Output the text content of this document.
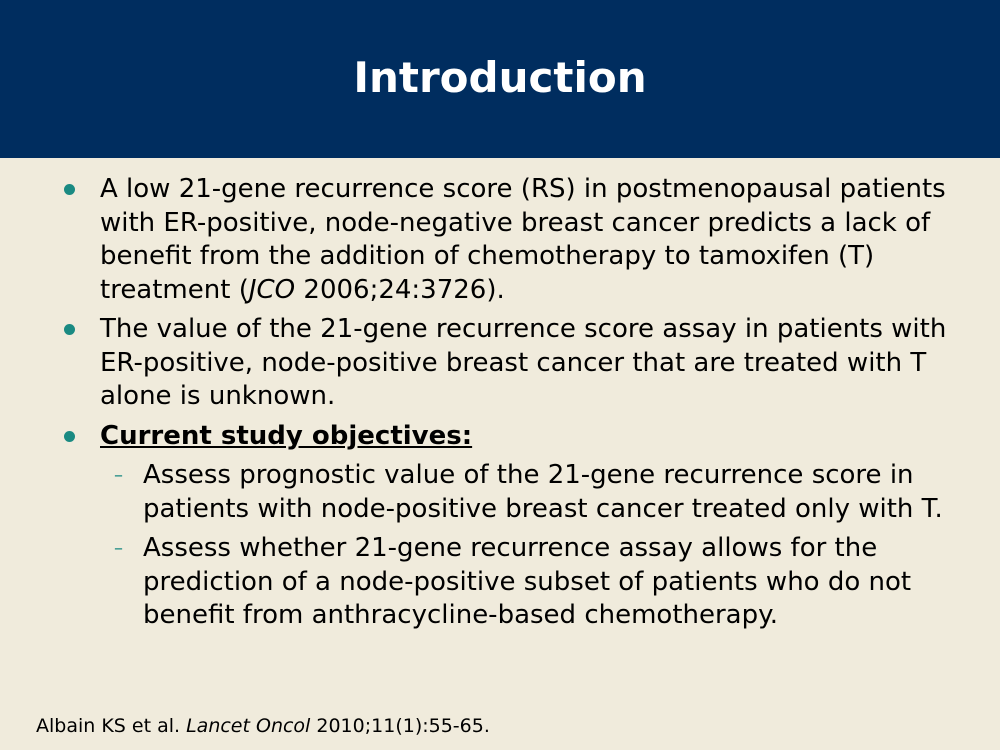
Introduction
A low 21-gene recurrence score (RS) in postmenopausal patients with ER-positive, node-negative breast cancer predicts a lack of benefit from the addition of chemotherapy to tamoxifen (T) treatment (JCO 2006;24:3726).
The value of the 21-gene recurrence score assay in patients with ER-positive, node-positive breast cancer that are treated with T alone is unknown.
Current study objectives:
– Assess prognostic value of the 21-gene recurrence score in patients with node-positive breast cancer treated only with T.
– Assess whether 21-gene recurrence assay allows for the prediction of a node-positive subset of patients who do not benefit from anthracycline-based chemotherapy.
Albain KS et al. Lancet Oncol 2010;11(1):55-65.
